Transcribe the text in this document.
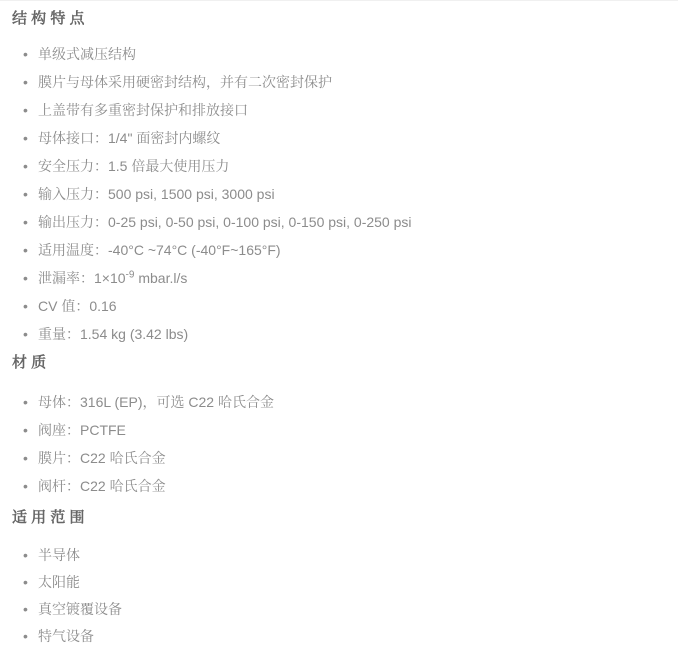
结 构 特 点
• 单级式减压结构
• 膜片与母体采用硬密封结构，并有二次密封保护
• 上盖带有多重密封保护和排放接口
• 母体接口：1/4" 面密封内螺纹
• 安全压力：1.5 倍最大使用压力
• 输入压力：500 psi, 1500 psi, 3000 psi
• 输出压力：0-25 psi, 0-50 psi, 0-100 psi, 0-150 psi, 0-250 psi
• 适用温度：-40°C ~74°C (-40°F~165°F)
• 泄漏率：$1\times 10^{-9}$ mbar.l/s
• CV 值：0.16
• 重量：1.54 kg (3.42 lbs)
材 质
• 母体：316L (EP)，可选 C22 哈氏合金
• 阀座：PCTFE
• 膜片：C22 哈氏合金
• 阀杆：C22 哈氏合金
适 用 范 围
• 半导体
• 太阳能
• 真空镀覆设备
• 特气设备
